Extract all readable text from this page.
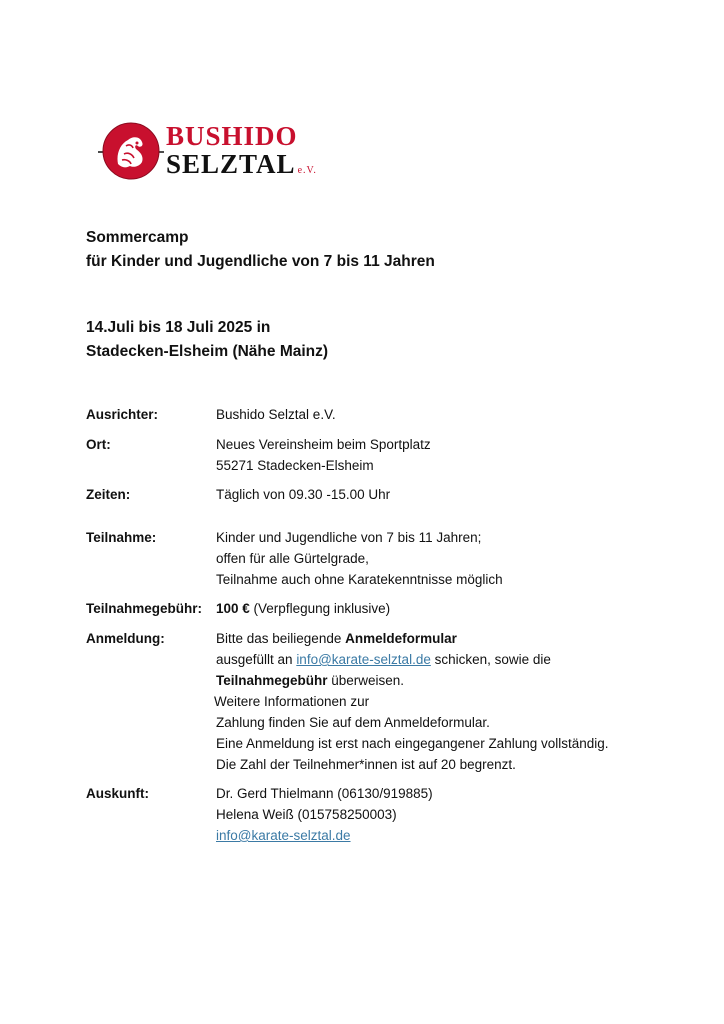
BUSHIDO
SELZTAL e.V.
Sommercamp
für Kinder und Jugendliche von 7 bis 11 Jahren
14.Juli bis 18 Juli 2025 in
Stadecken-Elsheim (Nähe Mainz)
Ausrichter:	Bushido Selztal e.V.
Ort:	Neues Vereinsheim beim Sportplatz
55271 Stadecken-Elsheim
Zeiten:	Täglich von 09.30 -15.00 Uhr
Teilnahme:	Kinder und Jugendliche von 7 bis 11 Jahren;
offen für alle Gürtelgrade,
Teilnahme auch ohne Karatekenntnisse möglich
Teilnahmegebühr:	100 € (Verpflegung inklusive)
Anmeldung:	Bitte das beiliegende Anmeldeformular
ausgefüllt an info@karate-selztal.de schicken, sowie die
Teilnahmegebühr überweisen.
Weitere Informationen zur
Zahlung finden Sie auf dem Anmeldeformular.
Eine Anmeldung ist erst nach eingegangener Zahlung vollständig.
Die Zahl der Teilnehmer*innen ist auf 20 begrenzt.
Auskunft:	Dr. Gerd Thielmann (06130/919885)
Helena Weiß (015758250003)
info@karate-selztal.de
